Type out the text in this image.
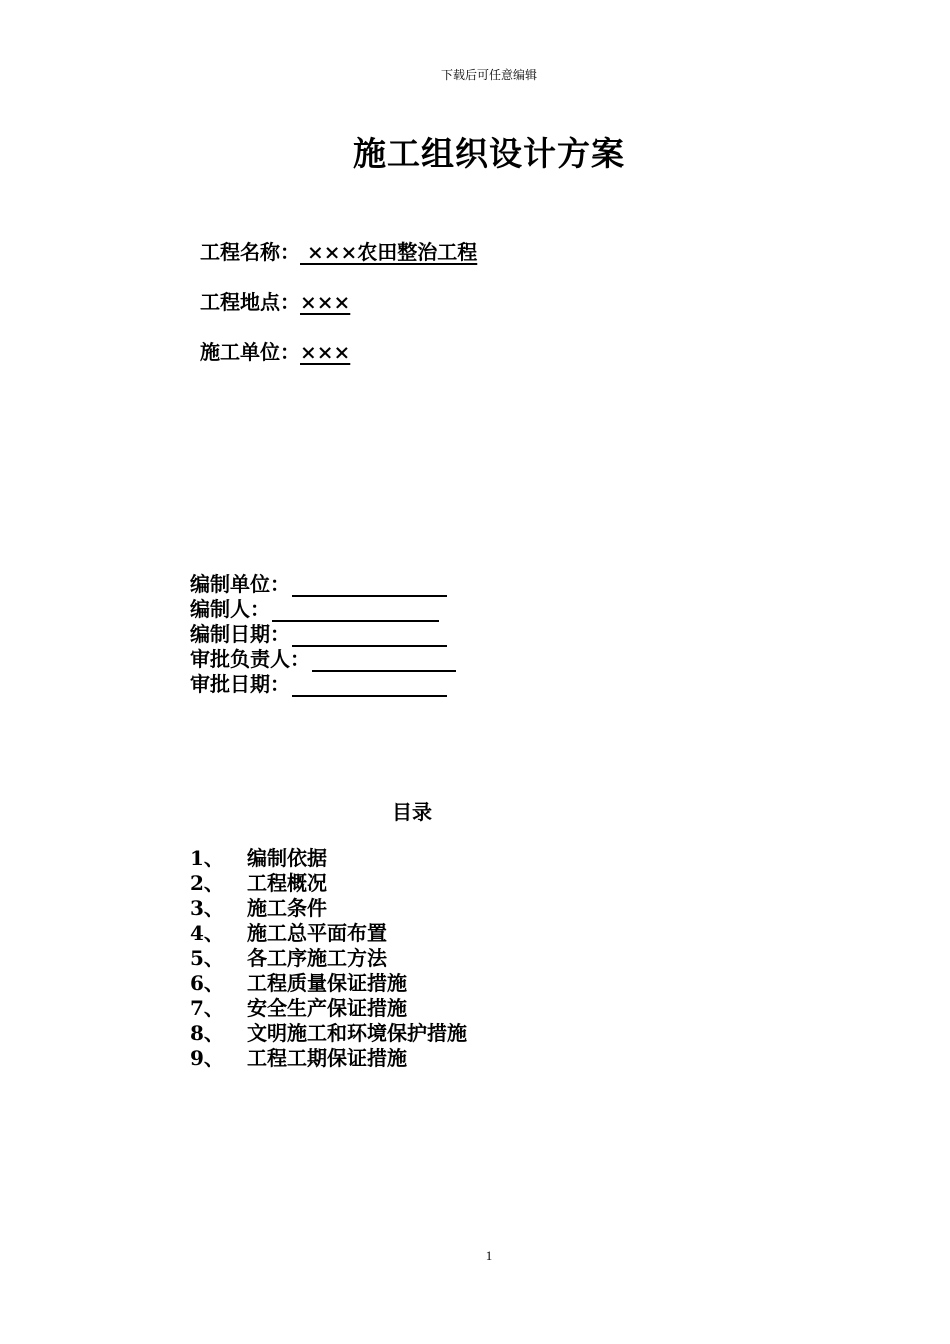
下载后可任意编辑
施工组织设计方案
工程名称： ×××农田整治工程
工程地点：×××
施工单位：×××
编制单位：
编制人：
编制日期：
审批负责人：
审批日期：
目录
1、	编制依据
2、	工程概况
3、	施工条件
4、	施工总平面布置
5、	各工序施工方法
6、	工程质量保证措施
7、	安全生产保证措施
8、	文明施工和环境保护措施
9、	工程工期保证措施
1
